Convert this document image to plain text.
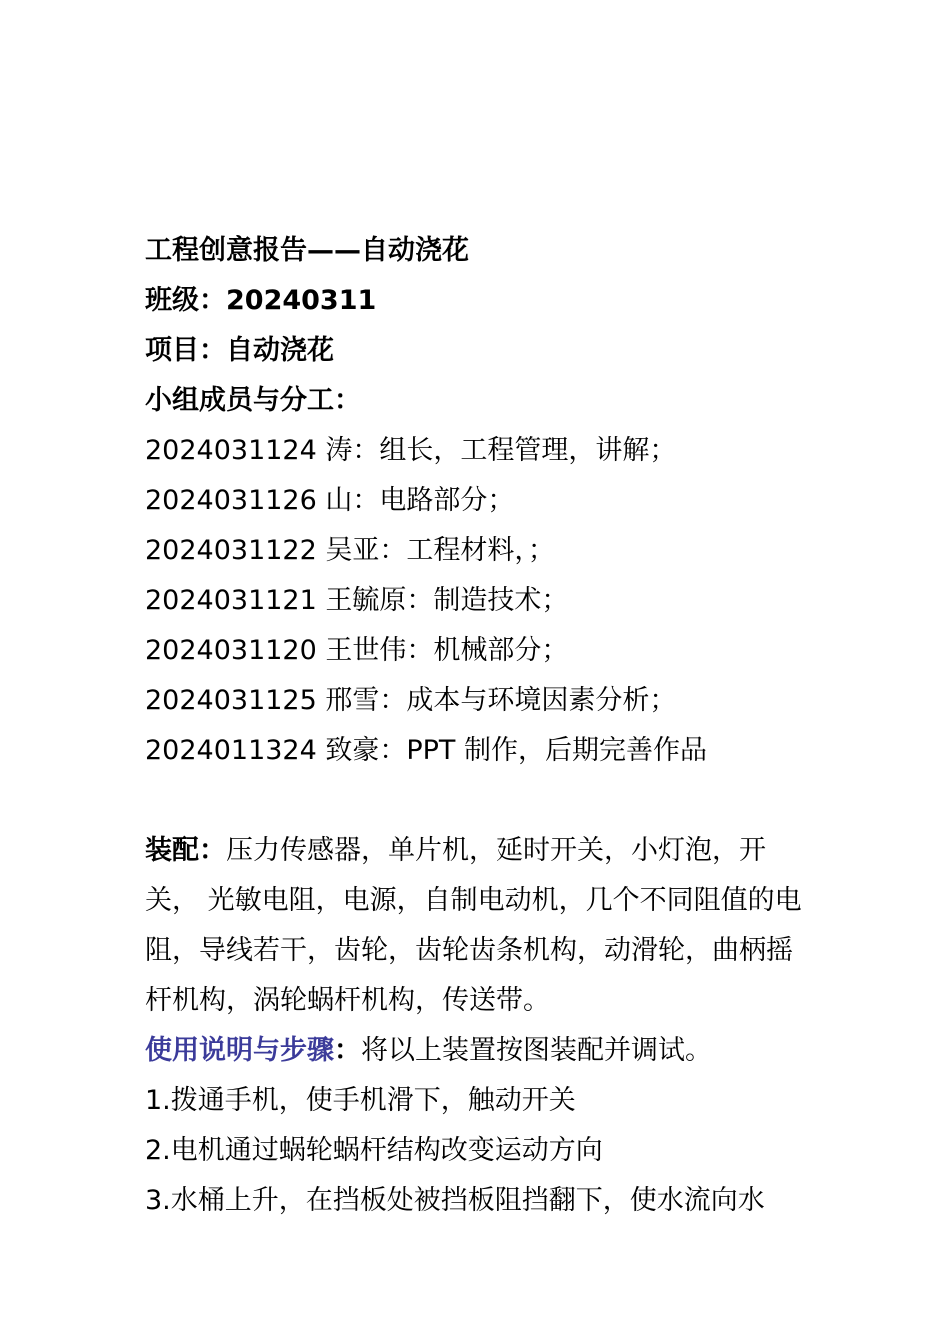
工程创意报告——自动浇花
班级：20240311
项目：自动浇花
小组成员与分工：
2024031124 涛：组长，工程管理，讲解；
2024031126 山：电路部分；
2024031122 吴亚：工程材料，；
2024031121 王毓原：制造技术；
2024031120 王世伟：机械部分；
2024031125 邢雪：成本与环境因素分析；
2024011324 致豪：PPT 制作，后期完善作品
装配：压力传感器，单片机，延时开关，小灯泡，开关， 光敏电阻，电源，自制电动机，几个不同阻值的电阻，导线若干，齿轮，齿轮齿条机构，动滑轮，曲柄摇杆机构，涡轮蜗杆机构，传送带。
使用说明与步骤：将以上装置按图装配并调试。
1.拨通手机，使手机滑下，触动开关
2.电机通过蜗轮蜗杆结构改变运动方向
3.水桶上升，在挡板处被挡板阻挡翻下，使水流向水
